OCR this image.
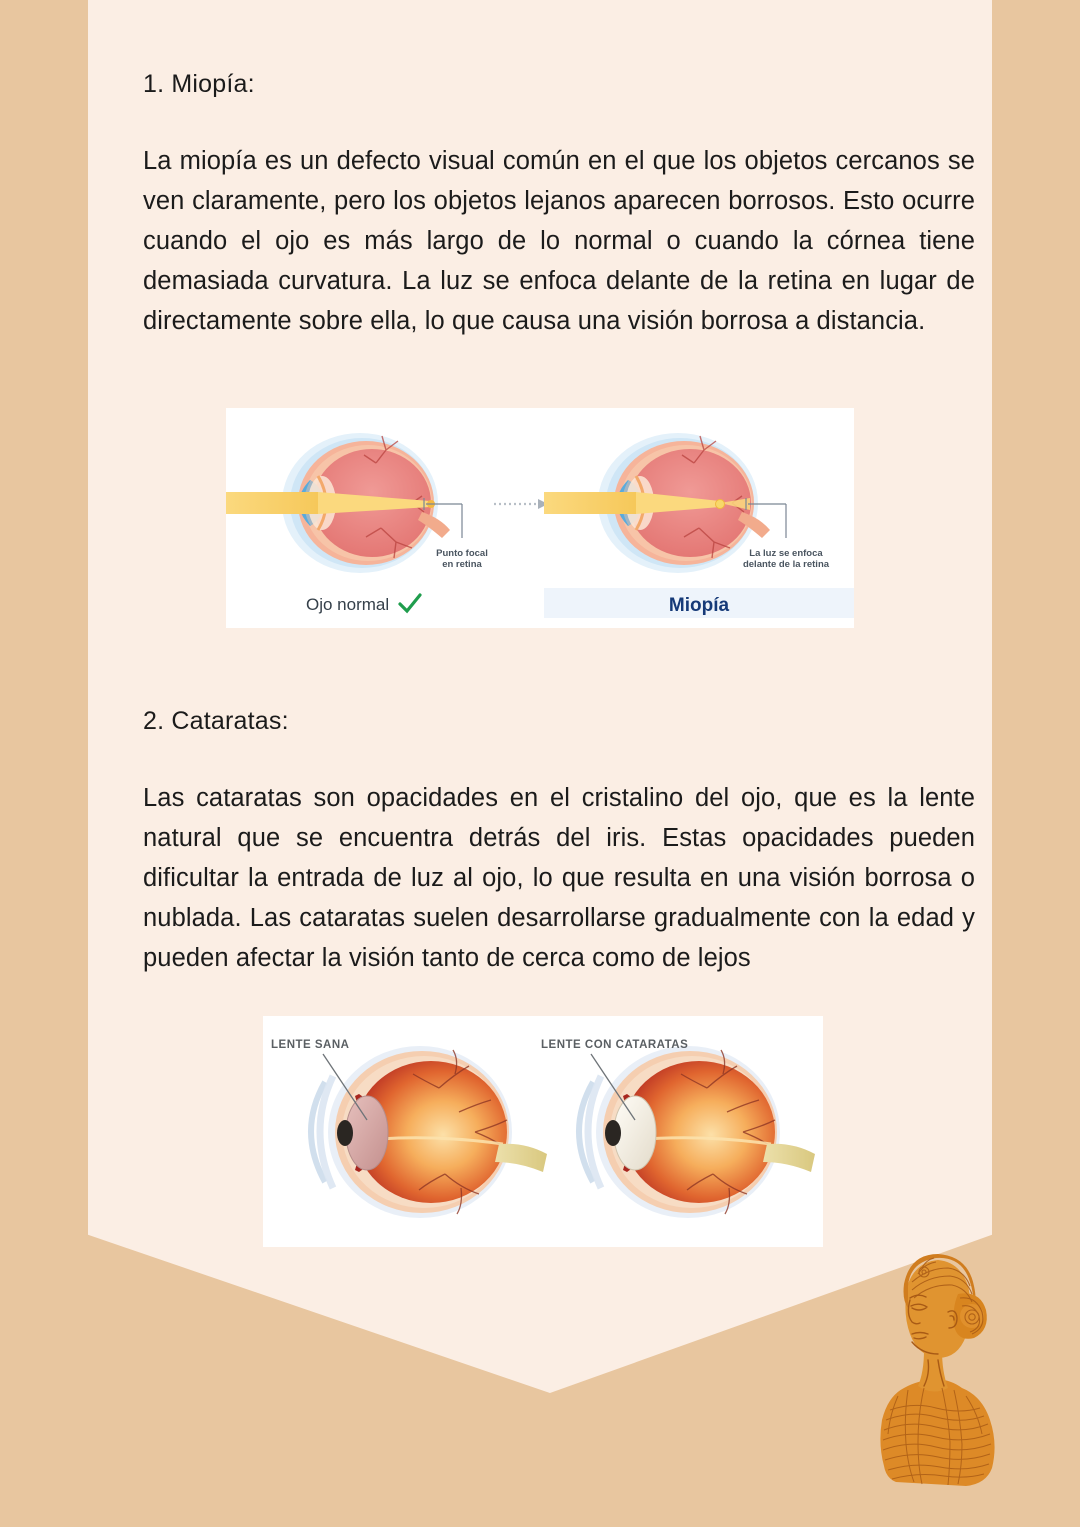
1. Miopía:
La miopía es un defecto visual común en el que los objetos cercanos se ven claramente, pero los objetos lejanos aparecen borrosos. Esto ocurre cuando el ojo es más largo de lo normal o cuando la córnea tiene demasiada curvatura. La luz se enfoca delante de la retina en lugar de directamente sobre ella, lo que causa una visión borrosa a distancia.
Punto focal
en retina
La luz se enfoca
delante de la retina
Ojo normal	Miopía
2. Cataratas:
Las cataratas son opacidades en el cristalino del ojo, que es la lente natural que se encuentra detrás del iris. Estas opacidades pueden dificultar la entrada de luz al ojo, lo que resulta en una visión borrosa o nublada. Las cataratas suelen desarrollarse gradualmente con la edad y pueden afectar la visión tanto de cerca como de lejos
LENTE SANA	LENTE CON CATARATAS
